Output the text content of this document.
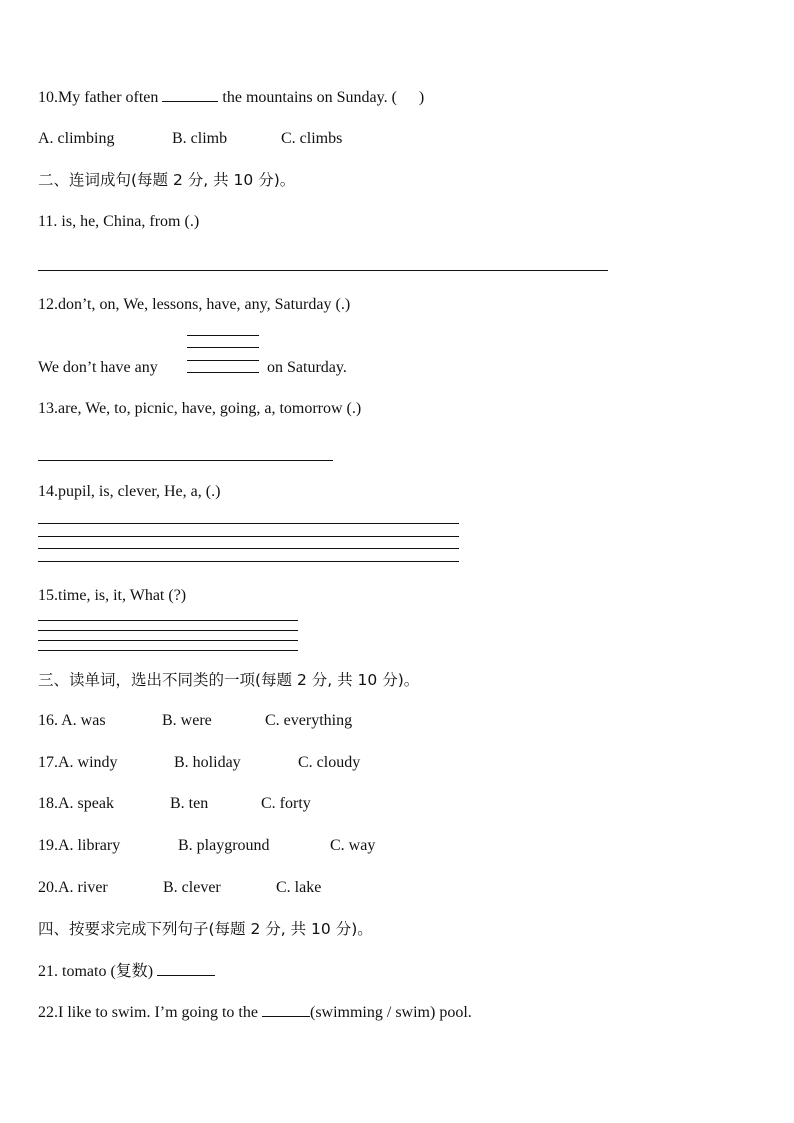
10.My father often	the mountains on Sunday. ( )
A. climbing	B. climb	C. climbs
二、连词成句(每题 2 分, 共 10 分)。
11. is, he, China, from (.)
12.don’t, on, We, lessons, have, any, Saturday (.)
We don’t have any	on Saturday.
13.are, We, to, picnic, have, going, a, tomorrow (.)
14.pupil, is, clever, He, a, (.)
15.time, is, it, What (?)
三、读单词，选出不同类的一项(每题 2 分, 共 10 分)。
16. A. was	B. were	C. everything
17.A. windy	B. holiday	C. cloudy
18.A. speak	B. ten	C. forty
19.A. library	B. playground	C. way
20.A. river	B. clever	C. lake
四、按要求完成下列句子(每题 2 分, 共 10 分)。
21. tomato (复数)
22.I like to swim. I’m going to the	(swimming / swim) pool.
